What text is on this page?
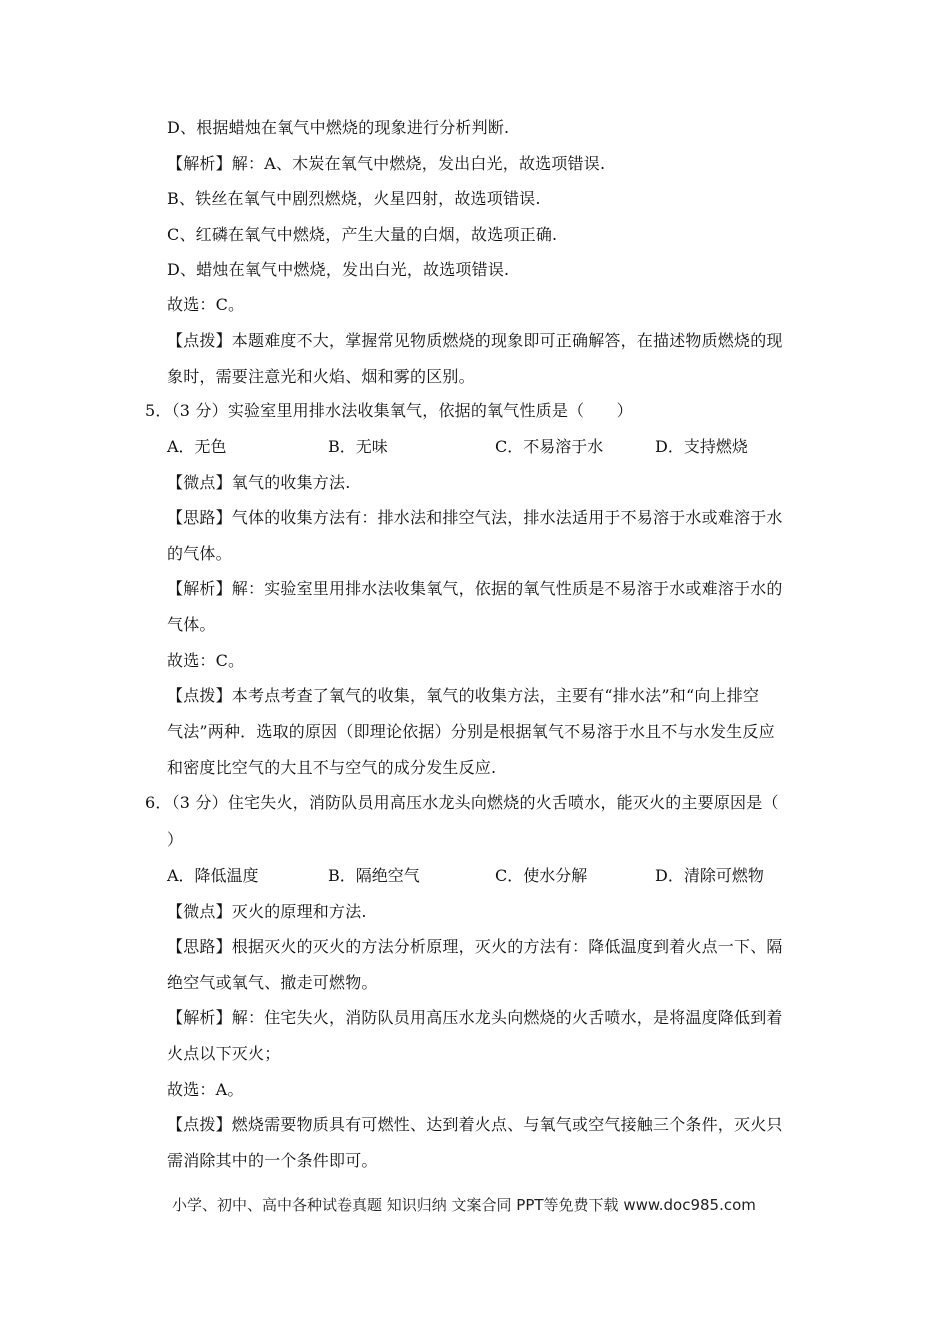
D、根据蜡烛在氧气中燃烧的现象进行分析判断.
【解析】解：A、木炭在氧气中燃烧，发出白光，故选项错误.
B、铁丝在氧气中剧烈燃烧，火星四射，故选项错误.
C、红磷在氧气中燃烧，产生大量的白烟，故选项正确.
D、蜡烛在氧气中燃烧，发出白光，故选项错误.
故选：C。
【点拨】本题难度不大，掌握常见物质燃烧的现象即可正确解答，在描述物质燃烧的现
象时，需要注意光和火焰、烟和雾的区别。
5．（3 分）实验室里用排水法收集氧气，依据的氧气性质是（　　）
A．无色	B．无味	C．不易溶于水	D．支持燃烧
【微点】氧气的收集方法.
【思路】气体的收集方法有：排水法和排空气法，排水法适用于不易溶于水或难溶于水
的气体。
【解析】解：实验室里用排水法收集氧气，依据的氧气性质是不易溶于水或难溶于水的
气体。
故选：C。
【点拨】本考点考查了氧气的收集，氧气的收集方法，主要有“排水法”和“向上排空
气法”两种．选取的原因（即理论依据）分别是根据氧气不易溶于水且不与水发生反应
和密度比空气的大且不与空气的成分发生反应.
6．（3 分）住宅失火，消防队员用高压水龙头向燃烧的火舌喷水，能灭火的主要原因是（
）
A．降低温度	B．隔绝空气	C．使水分解	D．清除可燃物
【微点】灭火的原理和方法.
【思路】根据灭火的灭火的方法分析原理，灭火的方法有：降低温度到着火点一下、隔
绝空气或氧气、撤走可燃物。
【解析】解：住宅失火，消防队员用高压水龙头向燃烧的火舌喷水，是将温度降低到着
火点以下灭火；
故选：A。
【点拨】燃烧需要物质具有可燃性、达到着火点、与氧气或空气接触三个条件，灭火只
需消除其中的一个条件即可。
小学、初中、高中各种试卷真题 知识归纳 文案合同 PPT等免费下载 www.doc985.com
